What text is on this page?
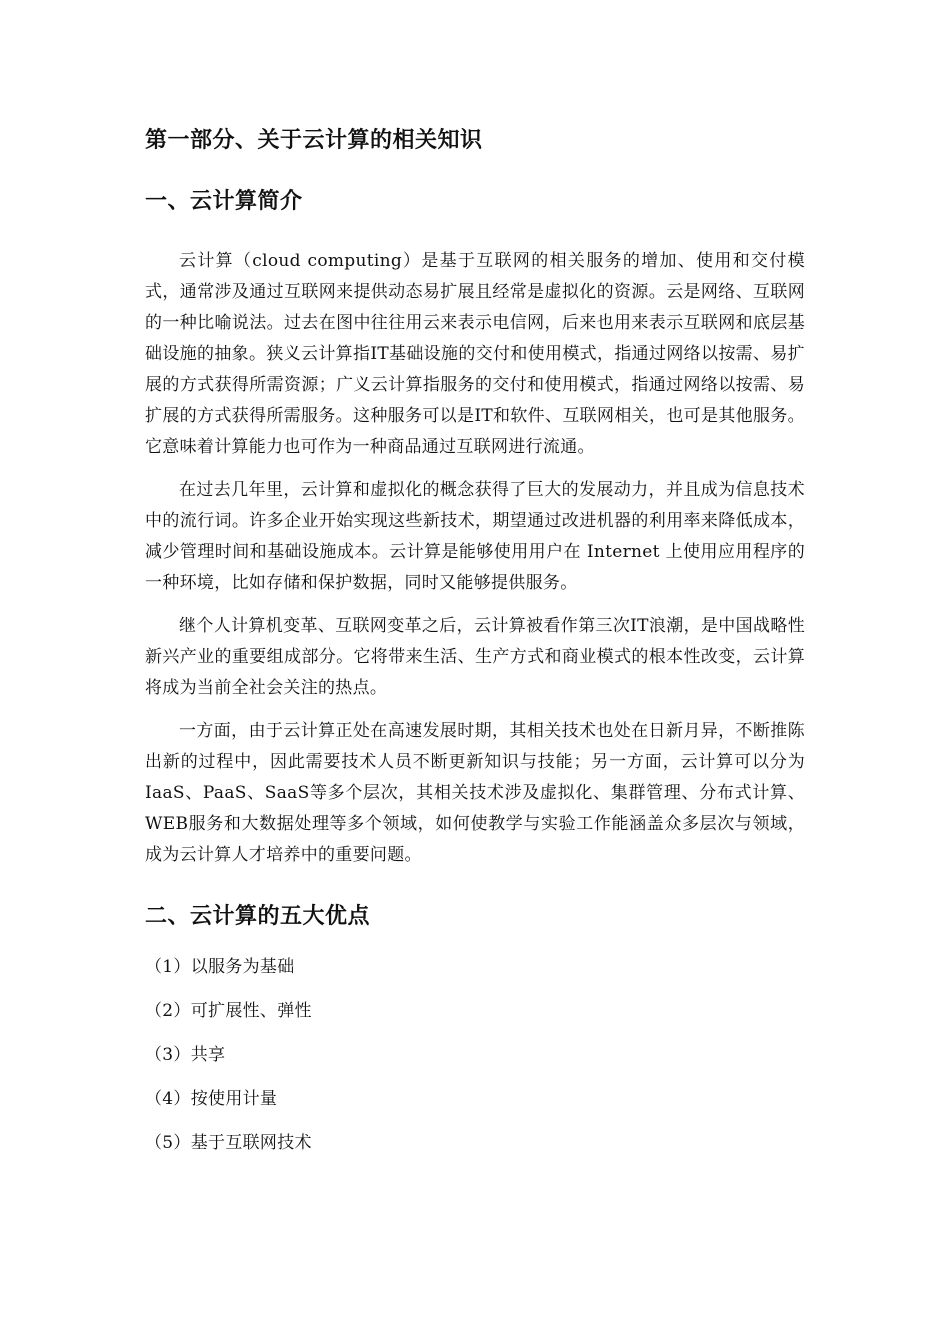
第一部分、关于云计算的相关知识
一、云计算简介

云计算（cloud computing）是基于互联网的相关服务的增加、使用和交付模式，通常涉及通过互联网来提供动态易扩展且经常是虚拟化的资源。云是网络、互联网的一种比喻说法。过去在图中往往用云来表示电信网，后来也用来表示互联网和底层基础设施的抽象。狭义云计算指IT基础设施的交付和使用模式，指通过网络以按需、易扩展的方式获得所需资源；广义云计算指服务的交付和使用模式，指通过网络以按需、易扩展的方式获得所需服务。这种服务可以是IT和软件、互联网相关，也可是其他服务。它意味着计算能力也可作为一种商品通过互联网进行流通。

在过去几年里，云计算和虚拟化的概念获得了巨大的发展动力，并且成为信息技术中的流行词。许多企业开始实现这些新技术，期望通过改进机器的利用率来降低成本，减少管理时间和基础设施成本。云计算是能够使用用户在 Internet 上使用应用程序的一种环境，比如存储和保护数据，同时又能够提供服务。

继个人计算机变革、互联网变革之后，云计算被看作第三次IT浪潮，是中国战略性新兴产业的重要组成部分。它将带来生活、生产方式和商业模式的根本性改变，云计算将成为当前全社会关注的热点。

一方面，由于云计算正处在高速发展时期，其相关技术也处在日新月异，不断推陈出新的过程中，因此需要技术人员不断更新知识与技能；另一方面，云计算可以分为IaaS、PaaS、SaaS等多个层次，其相关技术涉及虚拟化、集群管理、分布式计算、WEB服务和大数据处理等多个领域，如何使教学与实验工作能涵盖众多层次与领域，成为云计算人才培养中的重要问题。

二、云计算的五大优点
（1）以服务为基础
（2）可扩展性、弹性
（3）共享
（4）按使用计量
（5）基于互联网技术
